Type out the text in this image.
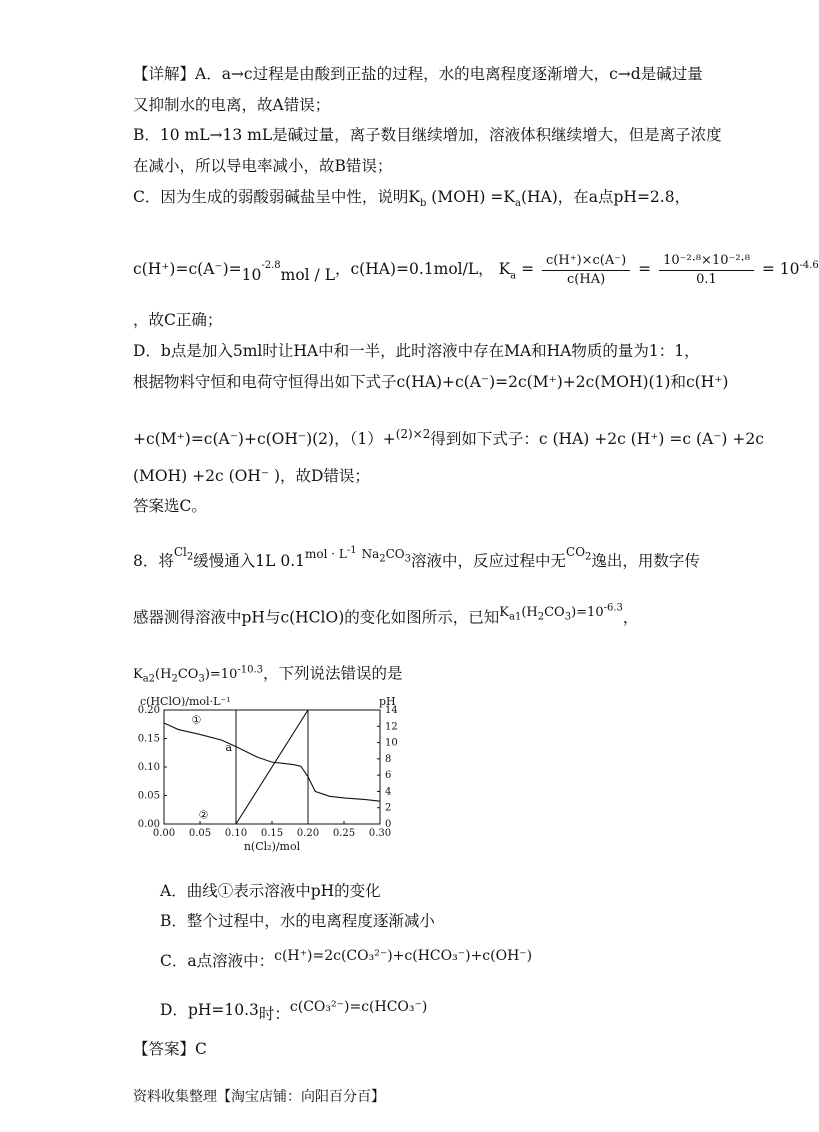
【详解】A．a→c过程是由酸到正盐的过程，水的电离程度逐渐增大，c→d是碱过量
又抑制水的电离，故A错误；
B．10 mL→13 mL是碱过量，离子数目继续增加，溶液体积继续增大，但是离子浓度
在减小，所以导电率减小，故B错误；
C．因为生成的弱酸弱碱盐呈中性，说明$K_b$ $(MOH) =K_a(HA)$，在a点pH=2.8，
$c(H^+)=c(A^-)=10^{-2.8}mol / L$，c(HA)=0.1mol/L， $K_a = \frac{c(H^+)\times c(A^-)}{c(HA)} = \frac{\text{10⁻²·⁸×10⁻²·⁸}}{0.1} = 10^{-4.6}$
，故C正确；
D．b点是加入5ml时让HA中和一半，此时溶液中存在MA和HA物质的量为1：1，
根据物料守恒和电荷守恒得出如下式子c(HA)+c(A⁻)=2c(M⁺)+2c(MOH)(1)和c(H⁺)
+c(M⁺)=c(A⁻)+c(OH⁻)(2)，（1）+$^{(2)\times 2}$得到如下式子：c (HA) +2c (H⁺) =c (A⁻) +2c
(MOH) +2c (OH⁻ )，故D错误；
答案选C。
8．将$^{Cl_2}$缓慢通入1L $0.1^{mol \cdot L^{-1}}$ $^{Na_2CO_3}$溶液中，反应过程中无$^{CO_2}$逸出，用数字传
感器测得溶液中pH与c(HClO)的变化如图所示，已知$^{K_{a1}(H_2CO_3)=10^{-6.3}}$，
$K_{a2}(H_2CO_3)=10^{-10.3}$，下列说法错误的是
0.00 0.05 0.10 0.15 0.20 0.25 0.30
0.00
0.05
0.10
0.15
0.20
0
2
4
6
8
10
12
14
c(HClO)/mol·L⁻¹	pH
n(Cl₂)/mol
①
②
a
A．曲线①表示溶液中pH的变化
B．整个过程中，水的电离程度逐渐减小
C．a点溶液中：c(H⁺)=2c(CO₃²⁻)+c(HCO₃⁻)+c(OH⁻)
D．pH=10.3时：c(CO₃²⁻)=c(HCO₃⁻)
【答案】C
资料收集整理【淘宝店铺：向阳百分百】
